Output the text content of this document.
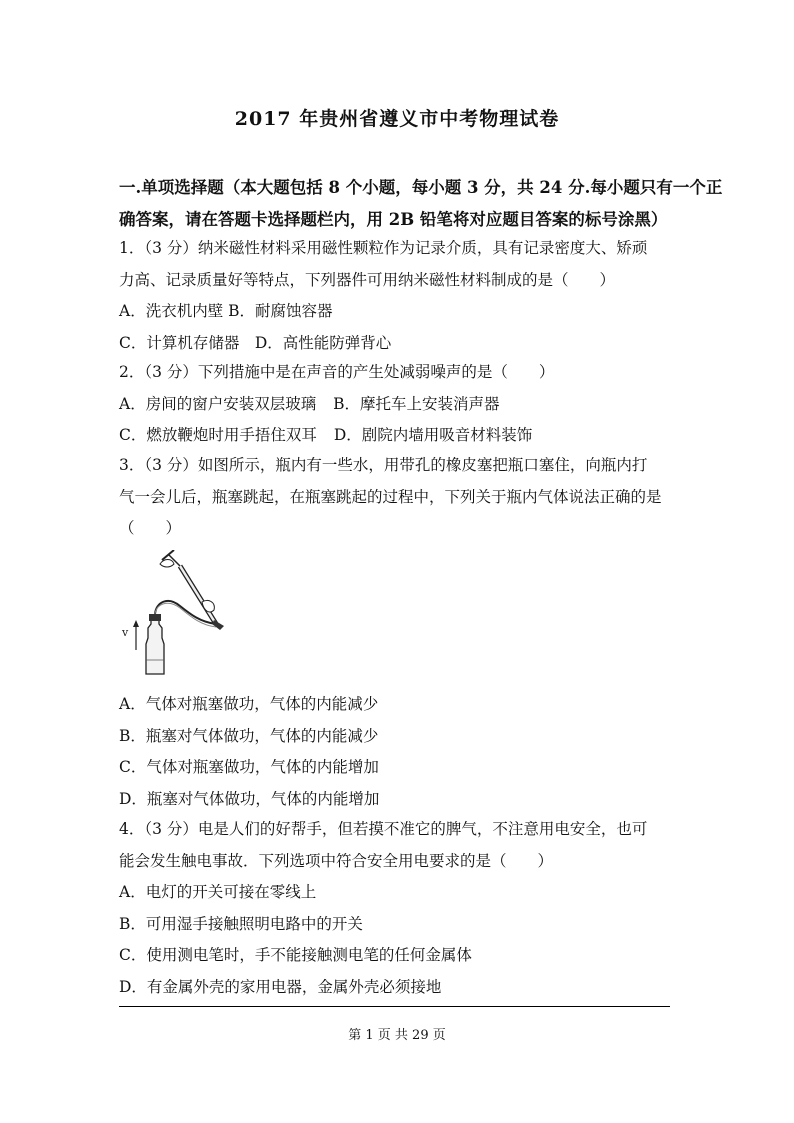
2017 年贵州省遵义市中考物理试卷
一.单项选择题（本大题包括 8 个小题，每小题 3 分，共 24 分.每小题只有一个正
确答案，请在答题卡选择题栏内，用 2B 铅笔将对应题目答案的标号涂黑）
1．（3 分）纳米磁性材料采用磁性颗粒作为记录介质，具有记录密度大、矫顽
力高、记录质量好等特点，下列器件可用纳米磁性材料制成的是（　　）
A．洗衣机内壁 B．耐腐蚀容器
C．计算机存储器　D．高性能防弹背心
2．（3 分）下列措施中是在声音的产生处减弱噪声的是（　　）
A．房间的窗户安装双层玻璃 B．摩托车上安装消声器
C．燃放鞭炮时用手捂住双耳 D．剧院内墙用吸音材料装饰
3．（3 分）如图所示，瓶内有一些水，用带孔的橡皮塞把瓶口塞住，向瓶内打
气一会儿后，瓶塞跳起，在瓶塞跳起的过程中，下列关于瓶内气体说法正确的是
（　　）
v
A．气体对瓶塞做功，气体的内能减少
B．瓶塞对气体做功，气体的内能减少
C．气体对瓶塞做功，气体的内能增加
D．瓶塞对气体做功，气体的内能增加
4．（3 分）电是人们的好帮手，但若摸不准它的脾气，不注意用电安全，也可
能会发生触电事故．下列选项中符合安全用电要求的是（　　）
A．电灯的开关可接在零线上
B．可用湿手接触照明电路中的开关
C．使用测电笔时，手不能接触测电笔的任何金属体
D．有金属外壳的家用电器，金属外壳必须接地
第 1 页 共 29 页
